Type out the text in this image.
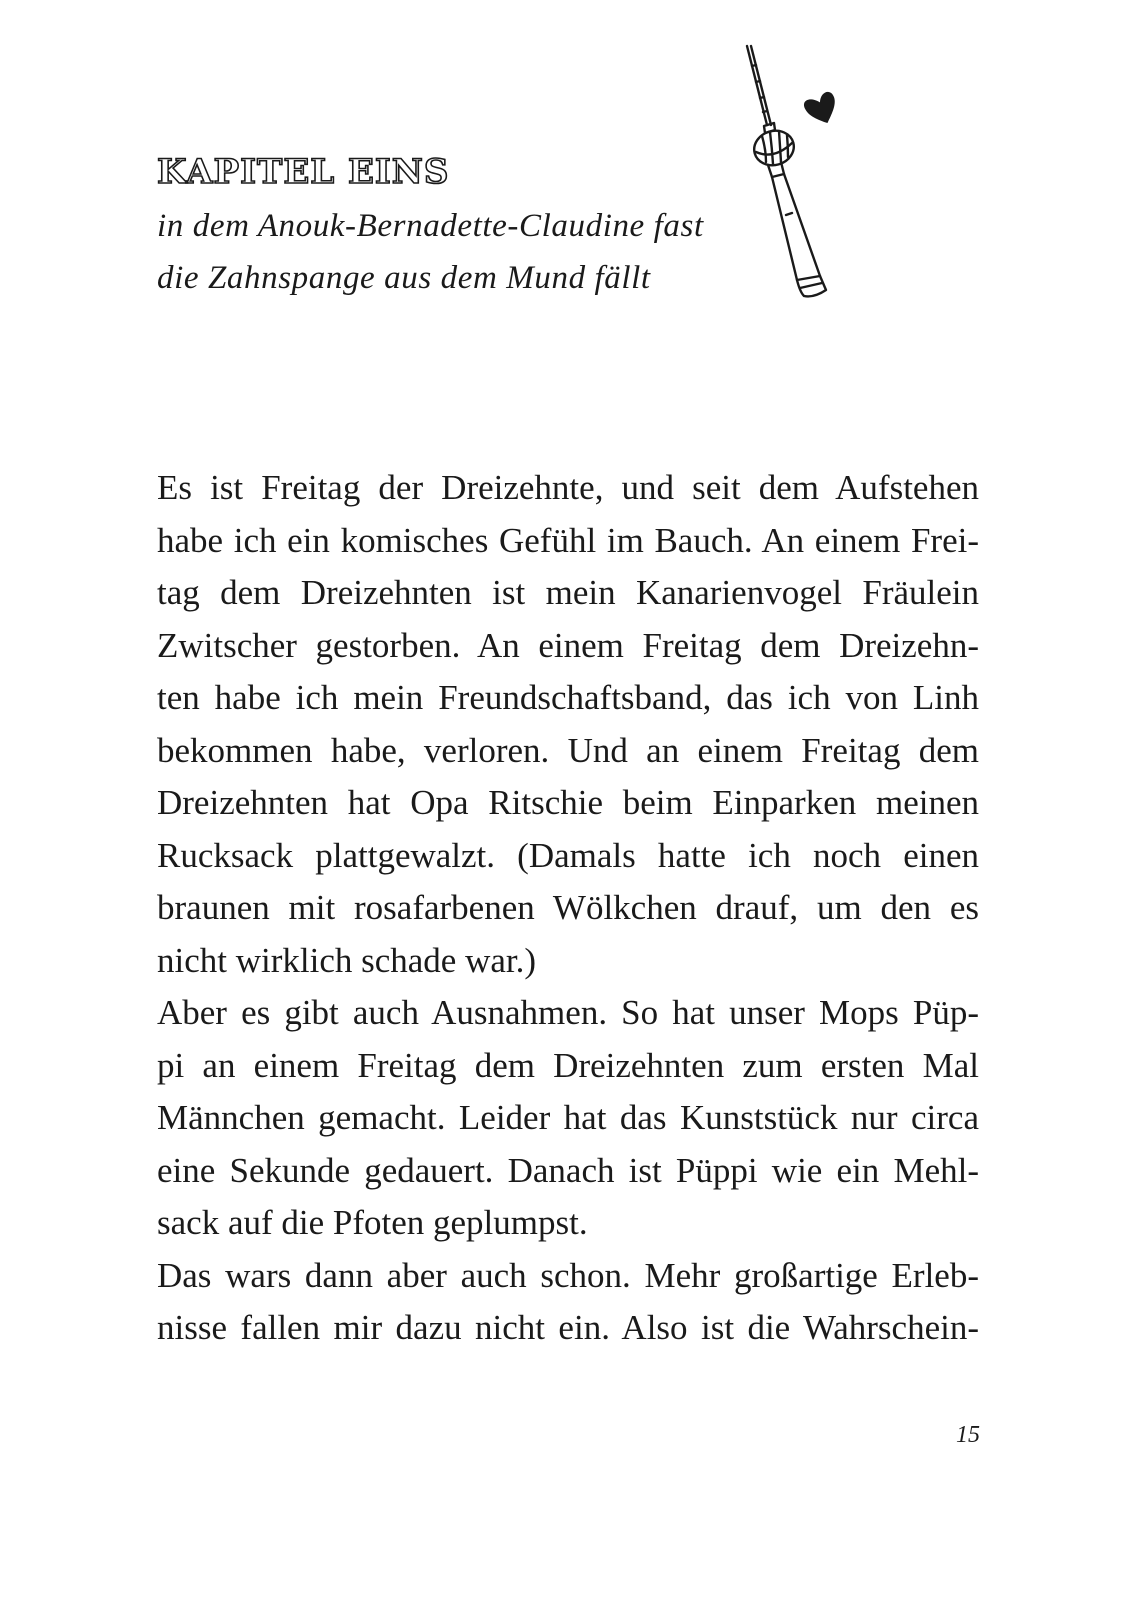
KAPITEL EINS
in dem Anouk-Bernadette-Claudine fast
die Zahnspange aus dem Mund fällt
Es ist Freitag der Dreizehnte, und seit dem Aufstehen
habe ich ein komisches Gefühl im Bauch. An einem Frei-
tag dem Dreizehnten ist mein Kanarienvogel Fräulein
Zwitscher gestorben. An einem Freitag dem Dreizehn-
ten habe ich mein Freundschaftsband, das ich von Linh
bekommen habe, verloren. Und an einem Freitag dem
Dreizehnten hat Opa Ritschie beim Einparken meinen
Rucksack plattgewalzt. (Damals hatte ich noch einen
braunen mit rosafarbenen Wölkchen drauf, um den es
nicht wirklich schade war.)
Aber es gibt auch Ausnahmen. So hat unser Mops Püp-
pi an einem Freitag dem Dreizehnten zum ersten Mal
Männchen gemacht. Leider hat das Kunststück nur circa
eine Sekunde gedauert. Danach ist Püppi wie ein Mehl-
sack auf die Pfoten geplumpst.
Das wars dann aber auch schon. Mehr großartige Erleb-
nisse fallen mir dazu nicht ein. Also ist die Wahrschein-
15
